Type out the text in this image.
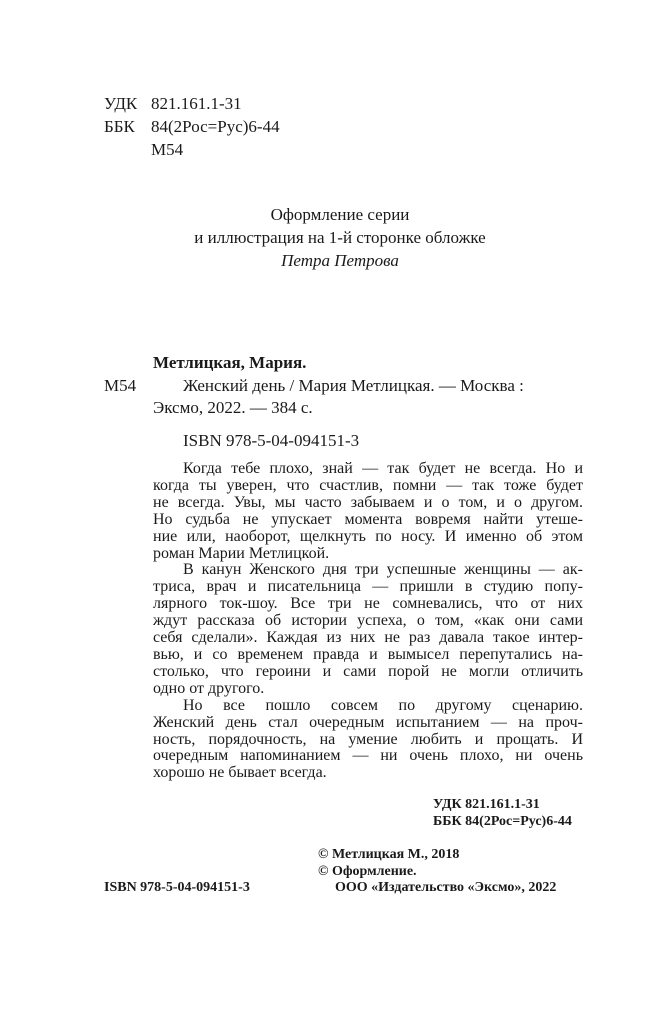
УДК 821.161.1-31
ББК 84(2Рос=Рус)6-44
М54
Оформление серии
и иллюстрация на 1-й сторонке обложке
Петра Петрова
Метлицкая, Мария.
М54	Женский день / Мария Метлицкая. — Москва :
Эксмо, 2022. — 384 с.
ISBN 978-5-04-094151-3
Когда тебе плохо, знай — так будет не всегда. Но и
когда ты уверен, что счастлив, помни — так тоже будет
не всегда. Увы, мы часто забываем и о том, и о другом.
Но судьба не упускает момента вовремя найти утеше-
ние или, наоборот, щелкнуть по носу. И именно об этом
роман Марии Метлицкой.
В канун Женского дня три успешные женщины — ак-
триса, врач и писательница — пришли в студию попу-
лярного ток-шоу. Все три не сомневались, что от них
ждут рассказа об истории успеха, о том, «как они сами
себя сделали». Каждая из них не раз давала такое интер-
вью, и со временем правда и вымысел перепутались на-
столько, что героини и сами порой не могли отличить
одно от другого.
Но все пошло совсем по другому сценарию.
Женский день стал очередным испытанием — на проч-
ность, порядочность, на умение любить и прощать. И
очередным напоминанием — ни очень плохо, ни очень
хорошо не бывает всегда.
УДК 821.161.1-31
ББК 84(2Рос=Рус)6-44
© Метлицкая М., 2018
© Оформление.
ООО «Издательство «Эксмо», 2022
ISBN 978-5-04-094151-3
